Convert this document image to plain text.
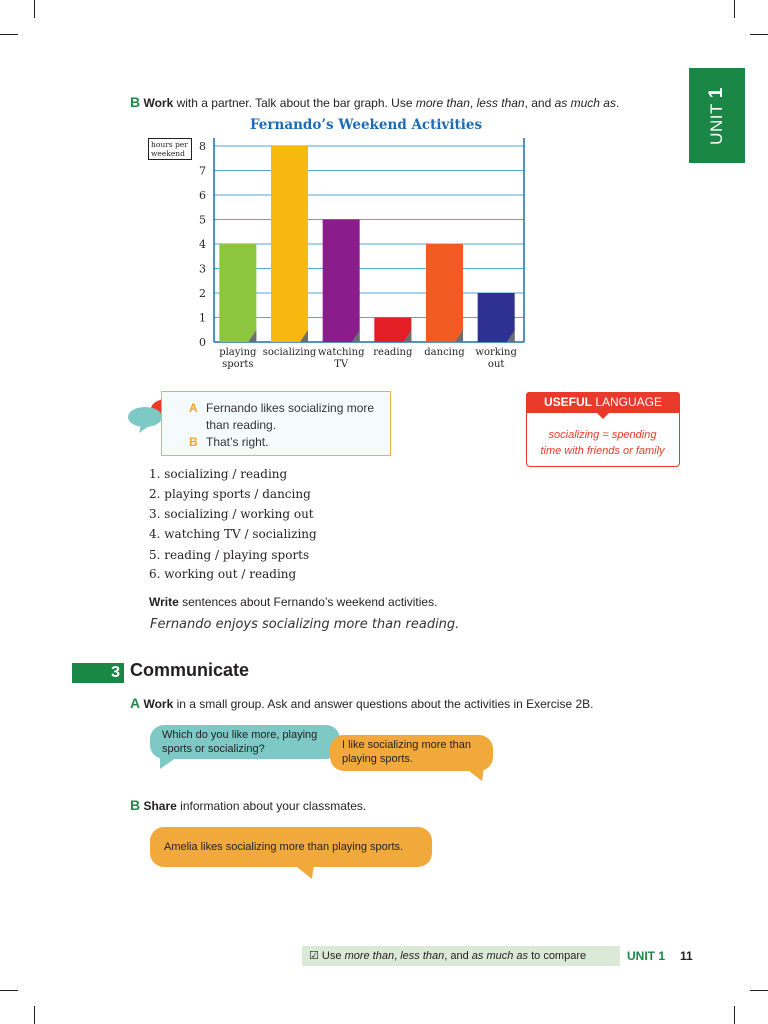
UNIT 1
B Work with a partner. Talk about the bar graph. Use more than, less than, and as much as.
Fernando’s Weekend Activities
hours per weekend
0
1
2
3
4
5
6
7
8
playing
sports
socializing watching
TV
reading dancing working
out
A Fernando likes socializing more
than reading.
B That’s right.
USEFUL LANGUAGE
socializing = spending
time with friends or family
1. socializing / reading
2. playing sports / dancing
3. socializing / working out
4. watching TV / socializing
5. reading / playing sports
6. working out / reading
Write sentences about Fernando’s weekend activities.
Fernando enjoys socializing more than reading.
3 Communicate
A Work in a small group. Ask and answer questions about the activities in Exercise 2B.
Which do you like more, playing sports or socializing?	I like socializing more than playing sports.
B Share information about your classmates.
Amelia likes socializing more than playing sports.
☑ Use more than, less than, and as much as to compare	UNIT 1 11
